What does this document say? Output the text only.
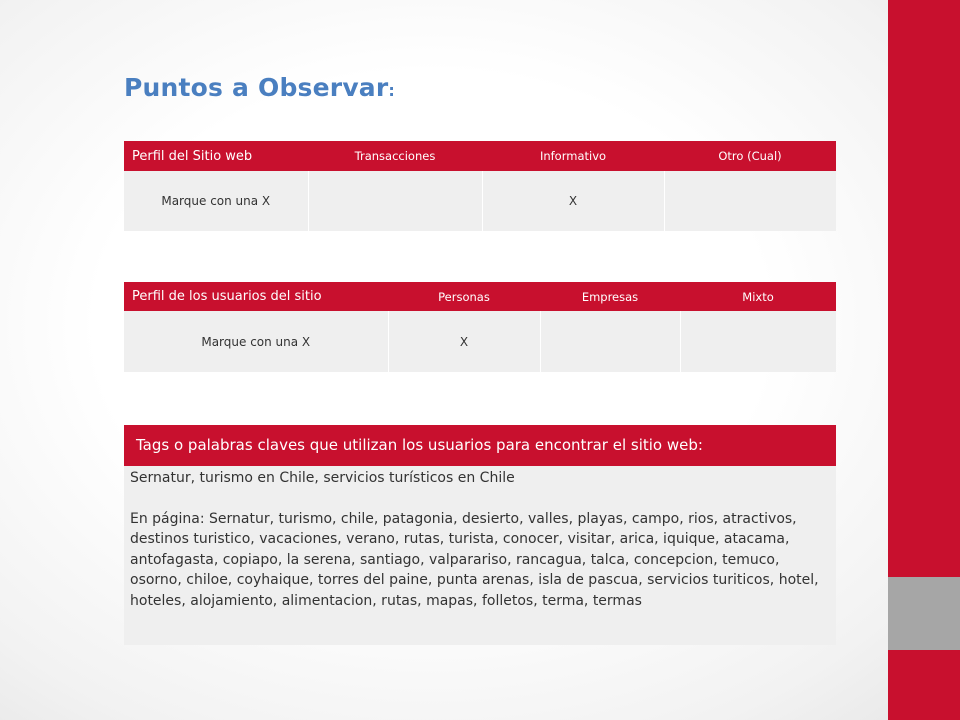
Puntos a Observar:
Perfil del Sitio web	Transacciones	Informativo	Otro (Cual)
Marque con una X		X	
Perfil de los usuarios del sitio	Personas	Empresas	Mixto
Marque con una X	X		
Tags o palabras claves que utilizan los usuarios para encontrar el sitio web:

Sernatur, turismo en Chile, servicios turísticos en Chile

En página: Sernatur, turismo, chile, patagonia, desierto, valles, playas, campo, rios, atractivos, destinos turistico, vacaciones, verano, rutas, turista, conocer, visitar, arica, iquique, atacama, antofagasta, copiapo, la serena, santiago, valparariso, rancagua, talca, concepcion, temuco, osorno, chiloe, coyhaique, torres del paine, punta arenas, isla de pascua, servicios turiticos, hotel, hoteles, alojamiento, alimentacion, rutas, mapas, folletos, terma, termas
